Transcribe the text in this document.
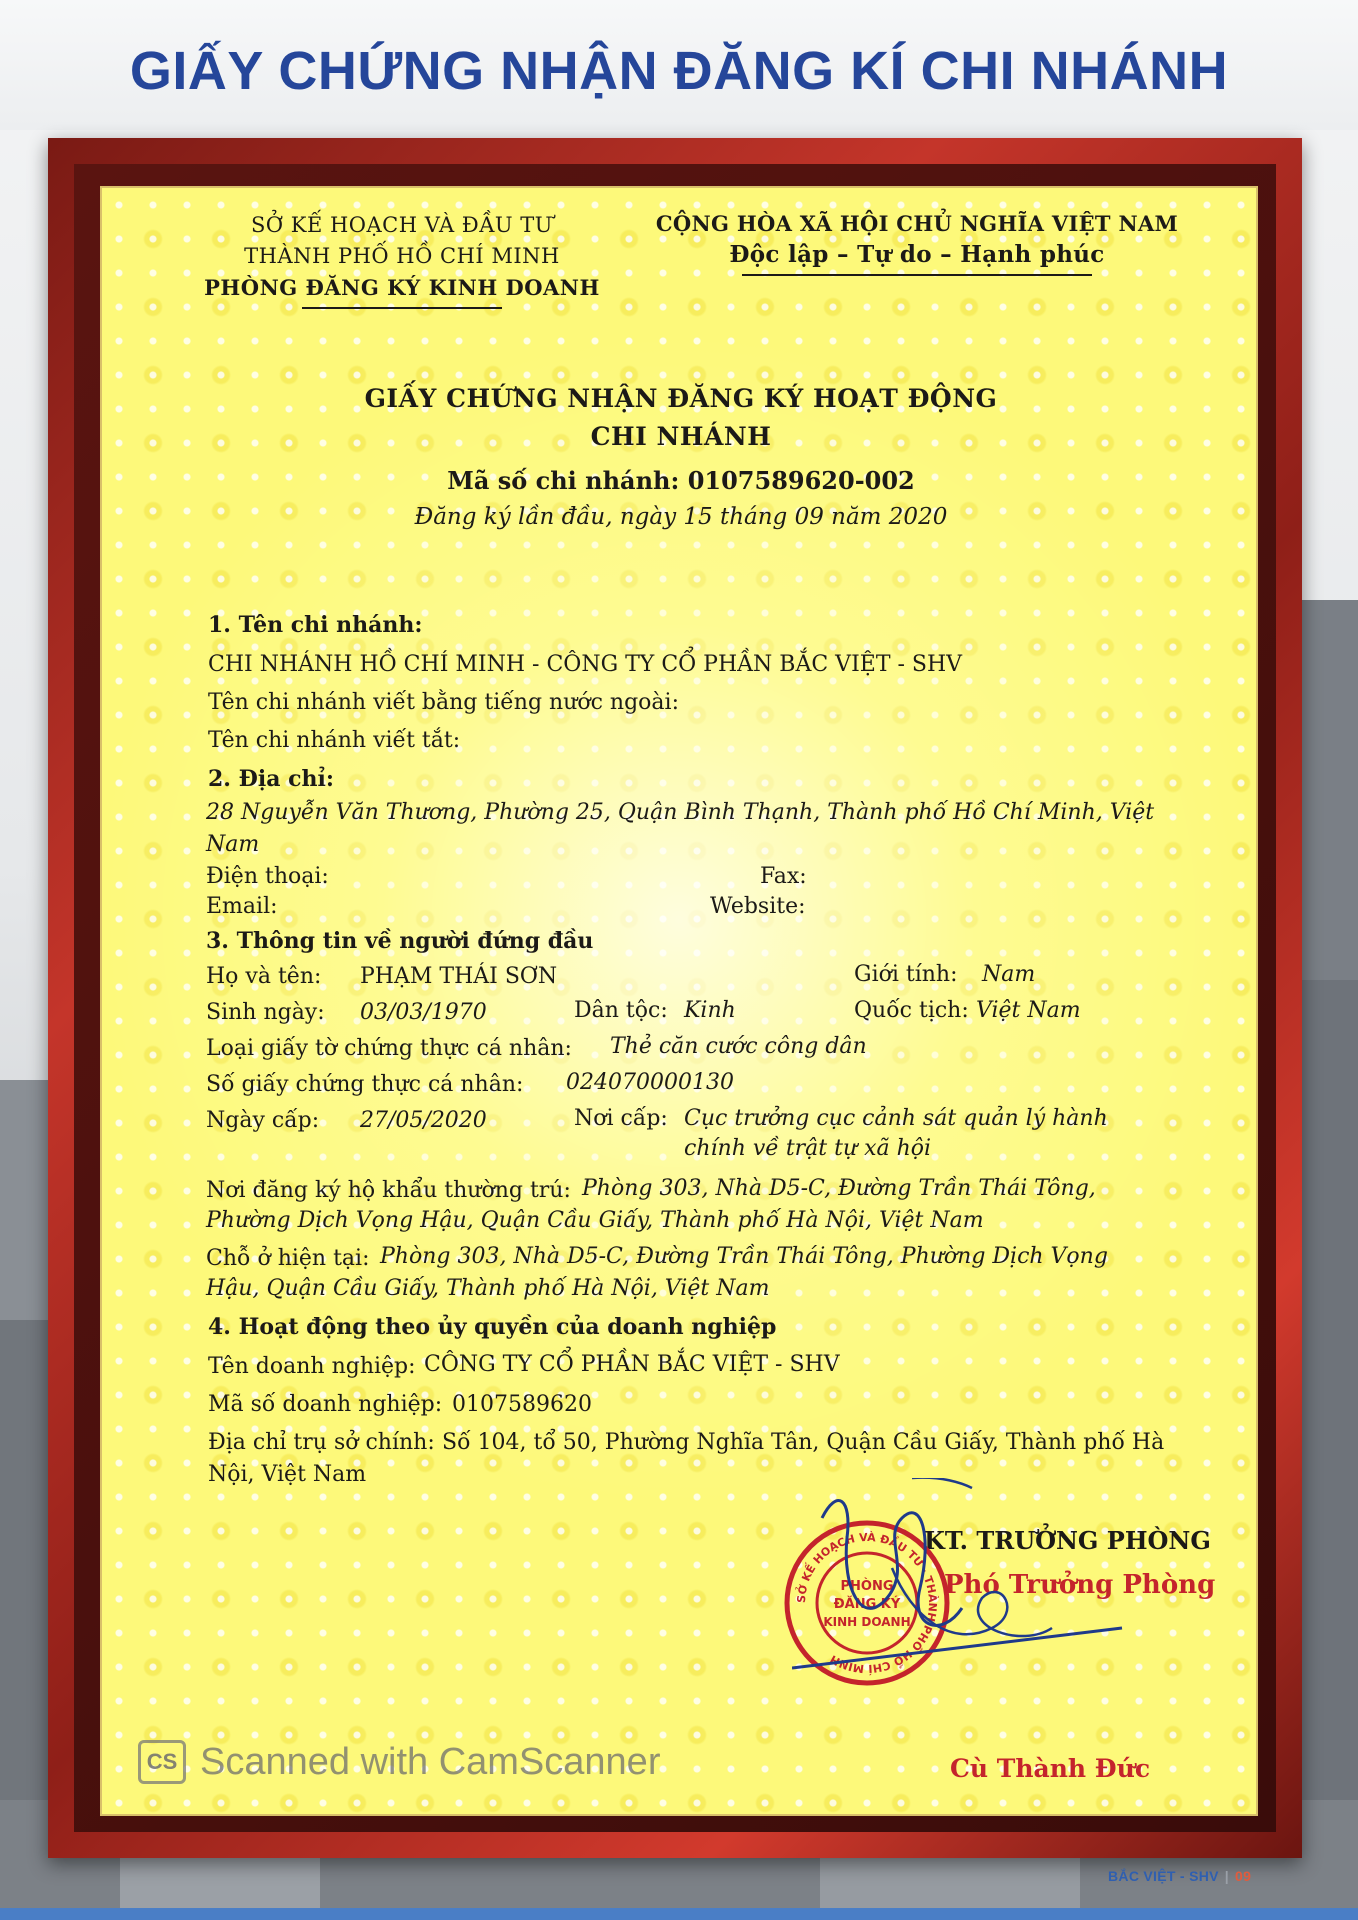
GIẤY CHỨNG NHẬN ĐĂNG KÍ CHI NHÁNH
SỞ KẾ HOẠCH VÀ ĐẦU TƯ
THÀNH PHỐ HỒ CHÍ MINH
PHÒNG ĐĂNG KÝ KINH DOANH
CỘNG HÒA XÃ HỘI CHỦ NGHĨA VIỆT NAM
Độc lập – Tự do – Hạnh phúc

GIẤY CHỨNG NHẬN ĐĂNG KÝ HOẠT ĐỘNG

CHI NHÁNH

Mã số chi nhánh: 0107589620-002

Đăng ký lần đầu, ngày 15 tháng 09 năm 2020

1. Tên chi nhánh:

CHI NHÁNH HỒ CHÍ MINH - CÔNG TY CỔ PHẦN BẮC VIỆT - SHV

Tên chi nhánh viết bằng tiếng nước ngoài:

Tên chi nhánh viết tắt:

2. Địa chỉ:

28 Nguyễn Văn Thương, Phường 25, Quận Bình Thạnh, Thành phố Hồ Chí Minh, Việt

Nam

Điện thoại:	Fax:

Email:	Website:

3. Thông tin về người đứng đầu

Họ và tên: PHẠM THÁI SƠN	Giới tính: Nam

Sinh ngày: 03/03/1970	Dân tộc: Kinh	Quốc tịch: Việt Nam

Loại giấy tờ chứng thực cá nhân: Thẻ căn cước công dân

Số giấy chứng thực cá nhân: 024070000130

Ngày cấp: 27/05/2020	Nơi cấp: Cục trưởng cục cảnh sát quản lý hành

chính về trật tự xã hội

Nơi đăng ký hộ khẩu thường trú: Phòng 303, Nhà D5-C, Đường Trần Thái Tông,

Phường Dịch Vọng Hậu, Quận Cầu Giấy, Thành phố Hà Nội, Việt Nam

Chỗ ở hiện tại: Phòng 303, Nhà D5-C, Đường Trần Thái Tông, Phường Dịch Vọng

Hậu, Quận Cầu Giấy, Thành phố Hà Nội, Việt Nam

4. Hoạt động theo ủy quyền của doanh nghiệp

Tên doanh nghiệp: CÔNG TY CỔ PHẦN BẮC VIỆT - SHV

Mã số doanh nghiệp: 0107589620

Địa chỉ trụ sở chính: Số 104, tổ 50, Phường Nghĩa Tân, Quận Cầu Giấy, Thành phố Hà

Nội, Việt Nam

KT. TRƯỞNG PHÒNG

Phó Trưởng Phòng

SỞ KẾ HOẠCH VÀ ĐẦU TƯ · THÀNH PHỐ HỒ CHÍ MINH
PHÒNG
ĐĂNG KÝ
KINH DOANH

Cù Thành Đức

CS Scanned with CamScanner
BẮC VIỆT - SHV | 09
